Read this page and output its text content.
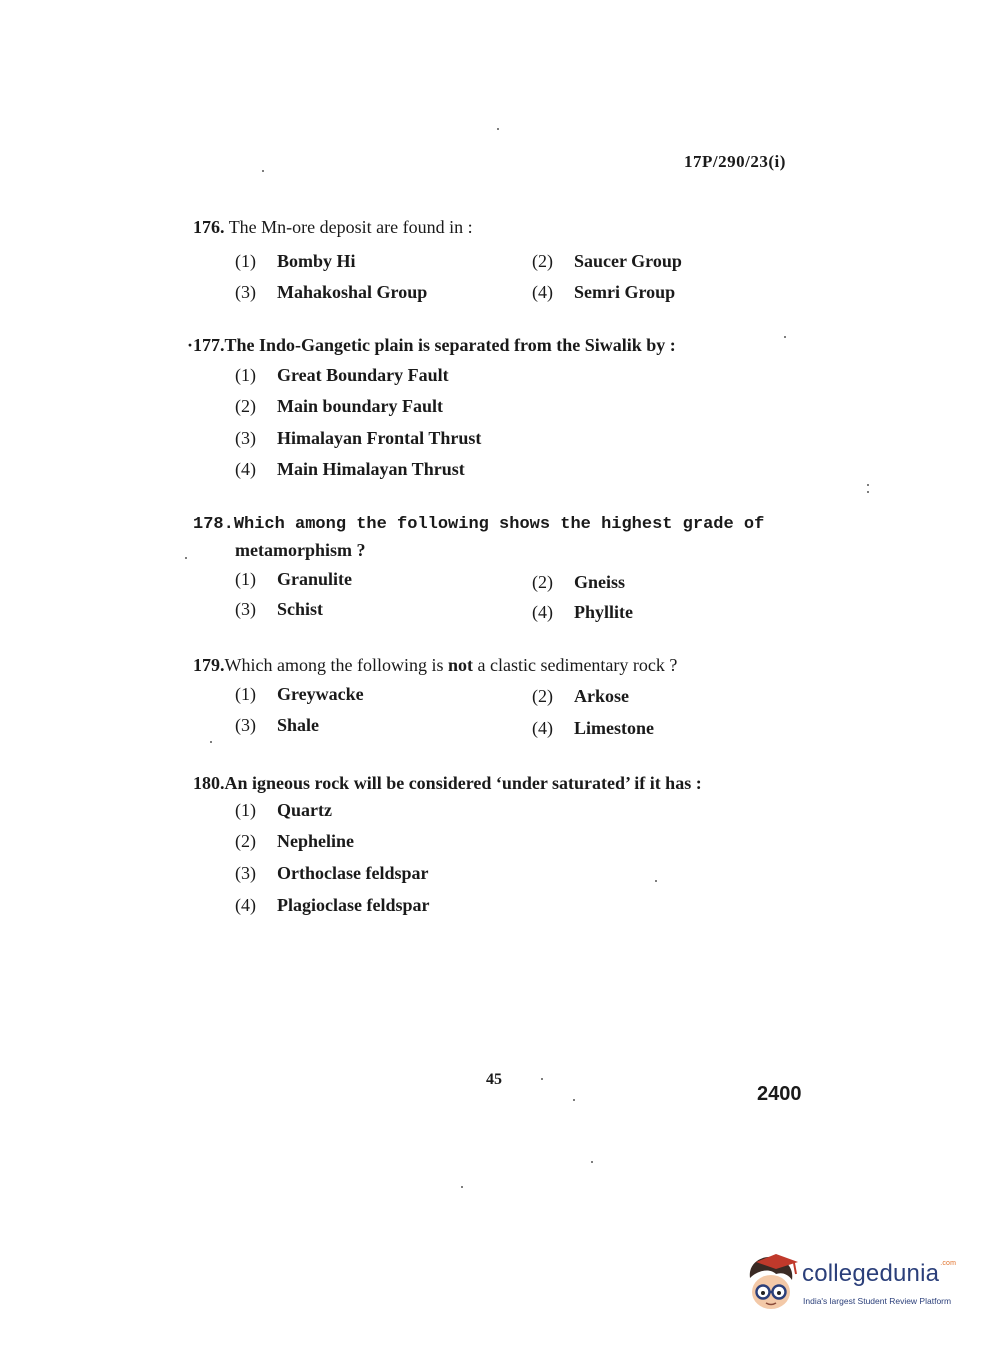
17P/290/23(i)
176. The Mn-ore deposit are found in :
(1) Bomby Hi	(2) Saucer Group
(3) Mahakoshal Group	(4) Semri Group
·177.The Indo-Gangetic plain is separated from the Siwalik by :
(1) Great Boundary Fault
(2) Main boundary Fault
(3) Himalayan Frontal Thrust
(4) Main Himalayan Thrust
178.Which among the following shows the highest grade of
metamorphism ?
(1) Granulite	(2) Gneiss
(3) Schist	(4) Phyllite
179.Which among the following is not a clastic sedimentary rock ?
(1) Greywacke	(2) Arkose
(3) Shale	(4) Limestone
180.An igneous rock will be considered ‘under saturated’ if it has :
(1) Quartz
(2) Nepheline
(3) Orthoclase feldspar
(4) Plagioclase feldspar
45
2400
collegedunia$^{.com}$
India's largest Student Review Platform
